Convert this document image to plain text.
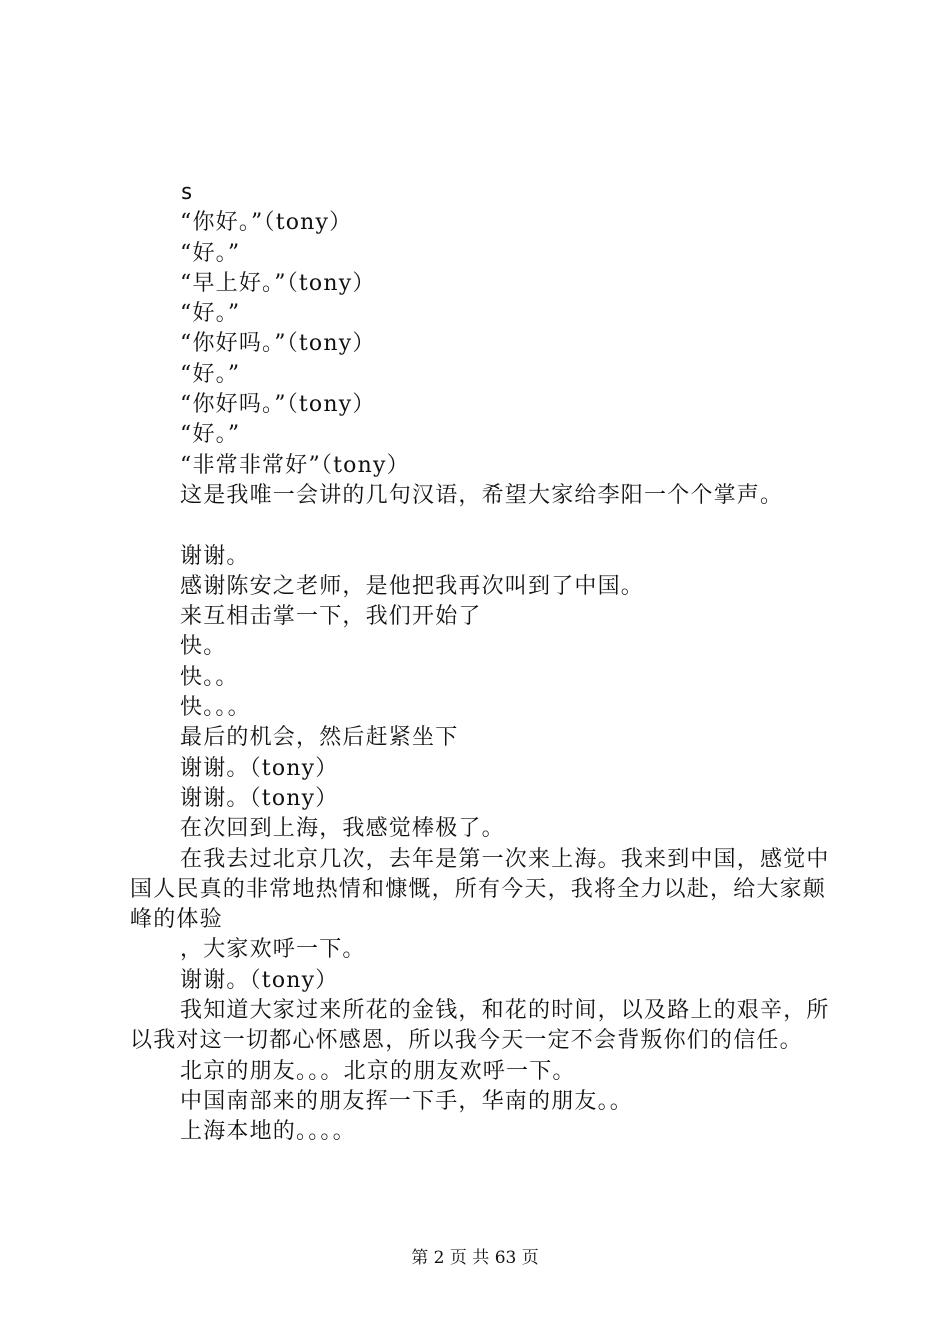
s
“你好。”（tony）
“好。”
“早上好。”（tony）
“好。”
“你好吗。”（tony）
“好。”
“你好吗。”（tony）
“好。”
“非常非常好”（tony）
这是我唯一会讲的几句汉语，希望大家给李阳一个个掌声。
谢谢。
感谢陈安之老师，是他把我再次叫到了中国。
来互相击掌一下，我们开始了
快。
快。。
快。。。
最后的机会，然后赶紧坐下
谢谢。（tony）
谢谢。（tony）
在次回到上海，我感觉棒极了。
在我去过北京几次，去年是第一次来上海。我来到中国，感觉中国人民真的非常地热情和慷慨，所有今天，我将全力以赴，给大家颠峰的体验
，大家欢呼一下。
谢谢。（tony）
我知道大家过来所花的金钱，和花的时间，以及路上的艰辛，所以我对这一切都心怀感恩，所以我今天一定不会背叛你们的信任。
北京的朋友。。。北京的朋友欢呼一下。
中国南部来的朋友挥一下手，华南的朋友。。
上海本地的。。。。
第 2 页 共 63 页
